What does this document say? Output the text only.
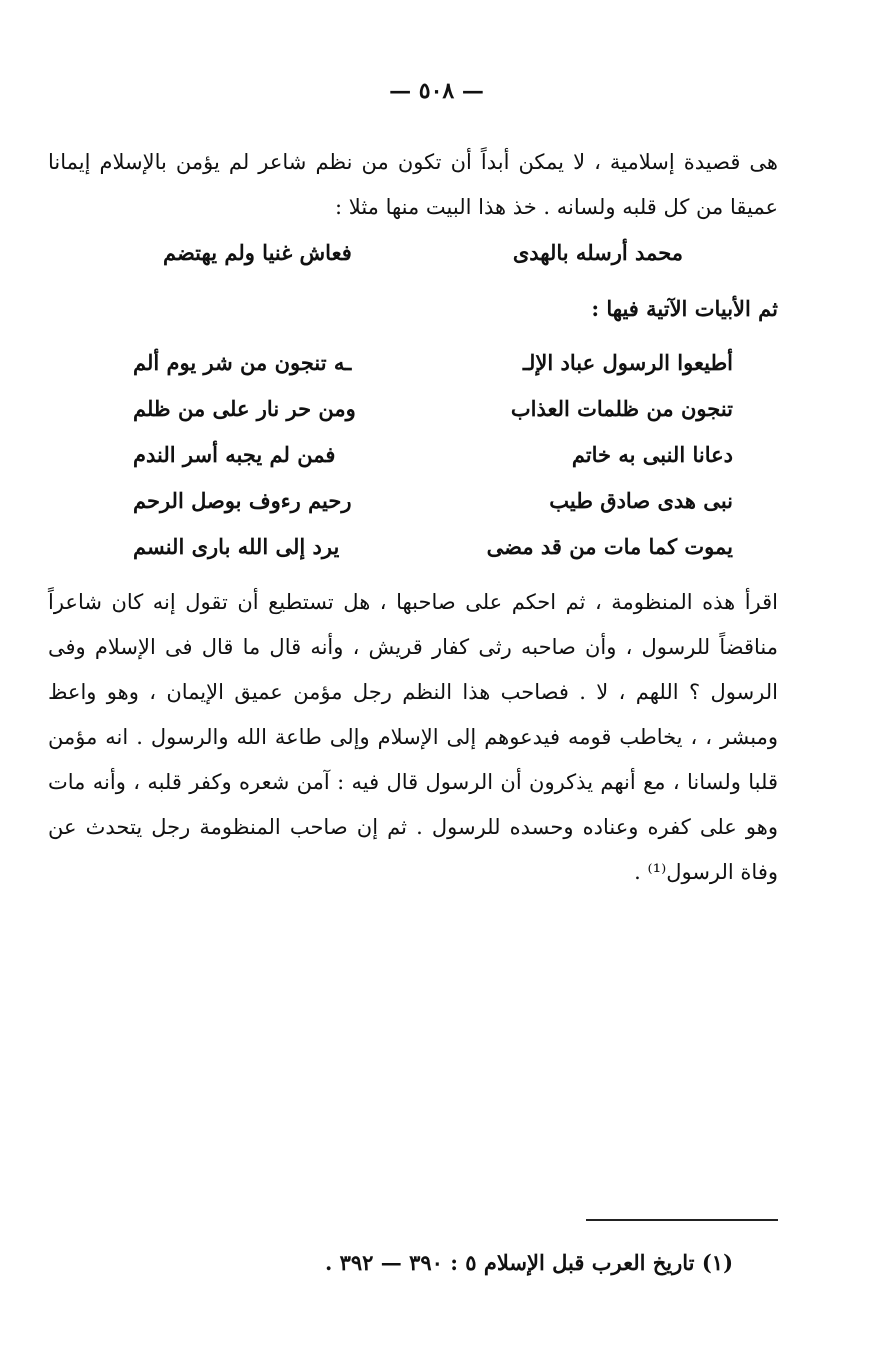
— ٥٠٨ —

هى قصيدة إسلامية ، لا يمكن أبداً أن تكون من نظم شاعر لم يؤمن بالإسلام إيمانا عميقا من كل قلبه ولسانه . خذ هذا البيت منها مثلا :

محمد أرسله بالهدى
فعاش غنيا ولم يهتضم
ثم الأبيات الآتية فيها :
أطيعوا الرسول عباد الإلـ
ـه تنجون من شر يوم ألم
تنجون من ظلمات العذاب
ومن حر نار على من ظلم
دعانا النبى به خاتم
فمن لم يجبه أسر الندم
نبى هدى صادق طيب
رحيم رءوف بوصل الرحم
يموت كما مات من قد مضى
يرد إلى الله بارى النسم

اقرأ هذه المنظومة ، ثم احكم على صاحبها ، هل تستطيع أن تقول إنه كان شاعراً مناقضاً للرسول ، وأن صاحبه رثى كفار قريش ، وأنه قال ما قال فى الإسلام وفى الرسول ؟ اللهم ، لا . فصاحب هذا النظم رجل مؤمن عميق الإيمان ، وهو واعظ ومبشر ، ، يخاطب قومه فيدعوهم إلى الإسلام وإلى طاعة الله والرسول . انه مؤمن قلبا ولسانا ، مع أنهم يذكرون أن الرسول قال فيه : آمن شعره وكفر قلبه ، وأنه مات وهو على كفره وعناده وحسده للرسول . ثم إن صاحب المنظومة رجل يتحدث عن وفاة الرسول⁽¹⁾ .

(١) تاريخ العرب قبل الإسلام ٥ : ٣٩٠ — ٣٩٢ .
